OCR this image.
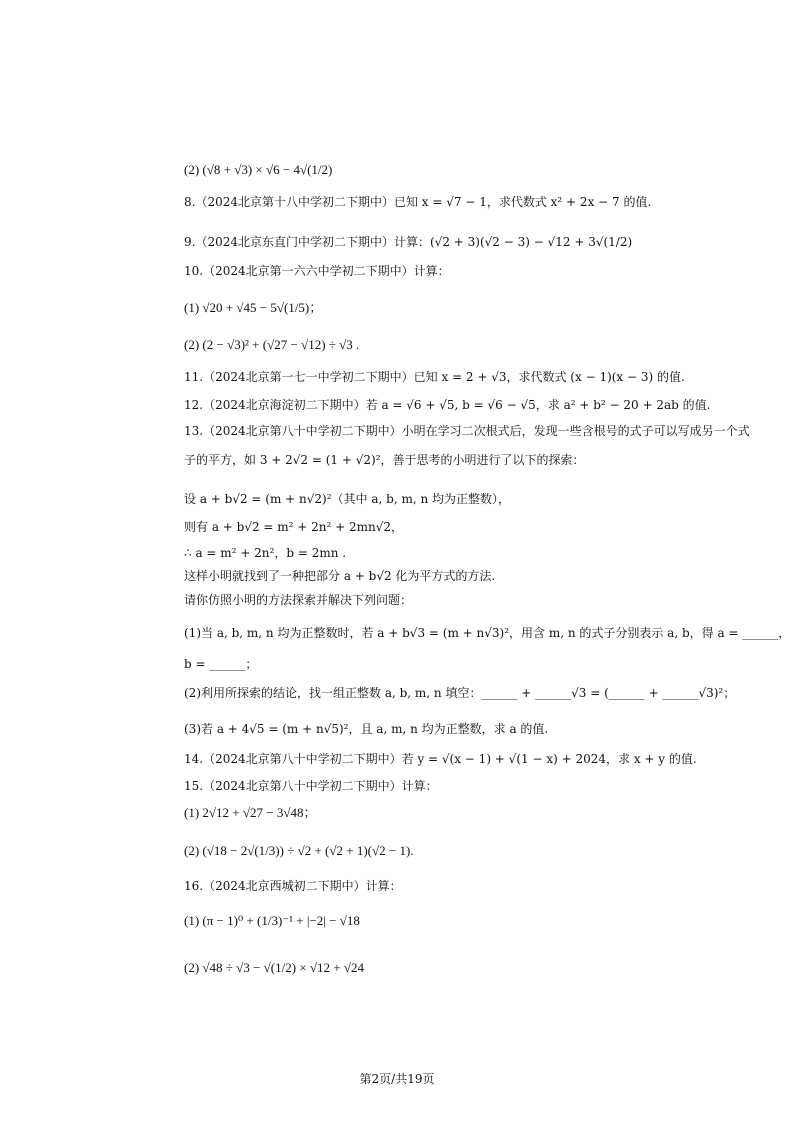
(2) (√8 + √3) × √6 − 4√(1/2)
8.（2024北京第十八中学初二下期中）已知 x = √7 − 1，求代数式 x² + 2x − 7 的值.
9.（2024北京东直门中学初二下期中）计算：(√2 + 3)(√2 − 3) − √12 + 3√(1/2)
10.（2024北京第一六六中学初二下期中）计算：
(1) √20 + √45 − 5√(1/5)；
(2) (2 − √3)² + (√27 − √12) ÷ √3 .
11.（2024北京第一七一中学初二下期中）已知 x = 2 + √3，求代数式 (x − 1)(x − 3) 的值.
12.（2024北京海淀初二下期中）若 a = √6 + √5, b = √6 − √5，求 a² + b² − 20 + 2ab 的值.
13.（2024北京第八十中学初二下期中）小明在学习二次根式后，发现一些含根号的式子可以写成另一个式
子的平方，如 3 + 2√2 = (1 + √2)²，善于思考的小明进行了以下的探索：
设 a + b√2 = (m + n√2)²（其中 a, b, m, n 均为正整数），
则有 a + b√2 = m² + 2n² + 2mn√2，
∴ a = m² + 2n²，b = 2mn .
这样小明就找到了一种把部分 a + b√2 化为平方式的方法.
请你仿照小明的方法探索并解决下列问题：
(1)当 a, b, m, n 均为正整数时，若 a + b√3 = (m + n√3)²，用含 m, n 的式子分别表示 a, b，得 a = ______，
b = ______；
(2)利用所探索的结论，找一组正整数 a, b, m, n 填空：______ + ______√3 = (______ + ______√3)²；
(3)若 a + 4√5 = (m + n√5)²，且 a, m, n 均为正整数，求 a 的值.
14.（2024北京第八十中学初二下期中）若 y = √(x − 1) + √(1 − x) + 2024，求 x + y 的值.
15.（2024北京第八十中学初二下期中）计算：
(1) 2√12 + √27 − 3√48；
(2) (√18 − 2√(1/3)) ÷ √2 + (√2 + 1)(√2 − 1).
16.（2024北京西城初二下期中）计算：
(1) (π − 1)⁰ + (1/3)⁻¹ + |−2| − √18
(2) √48 ÷ √3 − √(1/2) × √12 + √24
第2页/共19页
